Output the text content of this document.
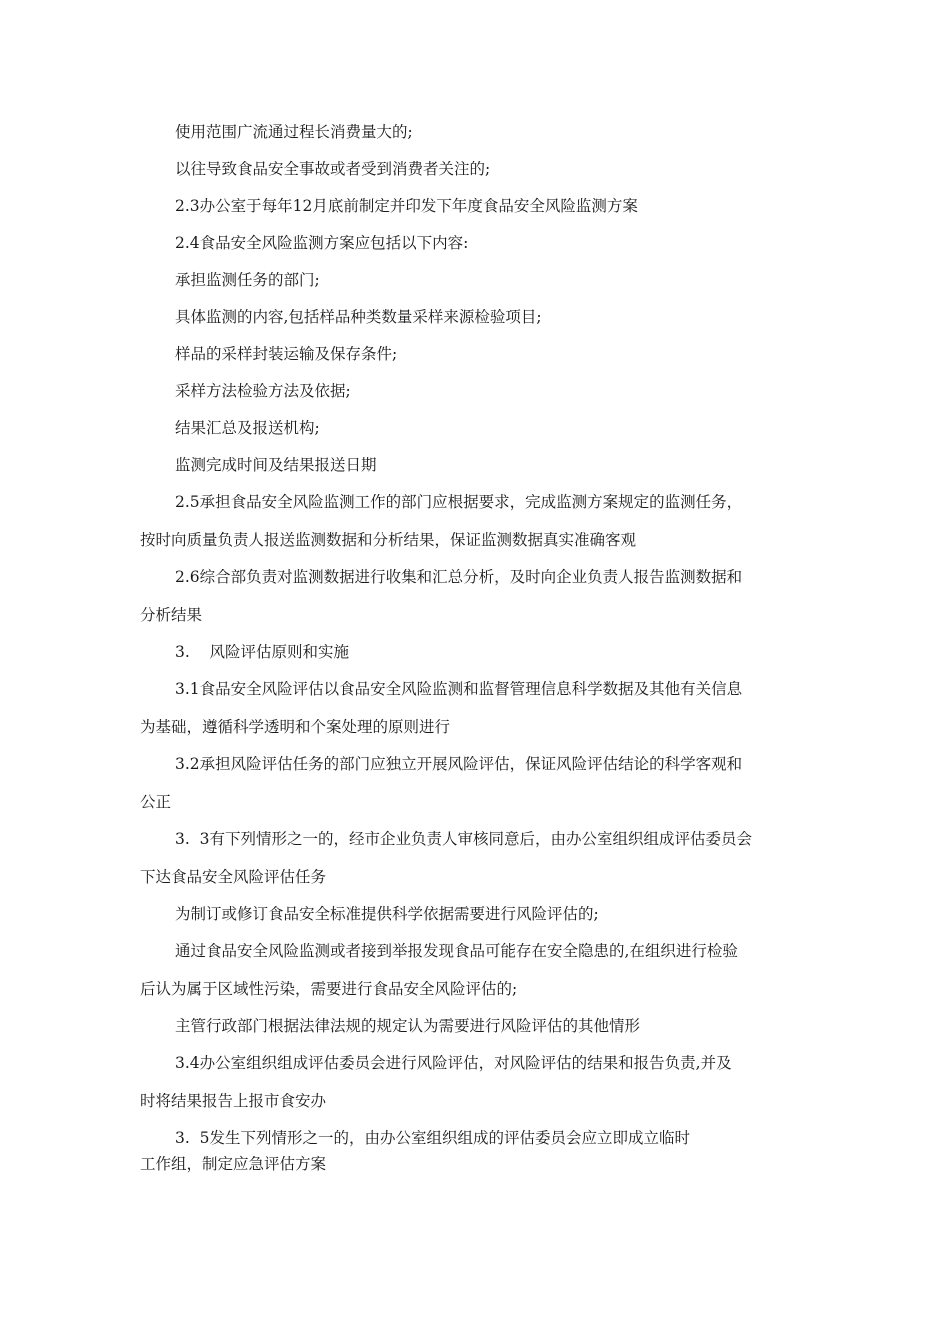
使用范围广流通过程长消费量大的;

以往导致食品安全事故或者受到消费者关注的;

2.3办公室于每年12月底前制定并印发下年度食品安全风险监测方案

2.4食品安全风险监测方案应包括以下内容:

承担监测任务的部门;

具体监测的内容,包括样品种类数量采样来源检验项目;

样品的采样封装运输及保存条件;

采样方法检验方法及依据;

结果汇总及报送机构;

监测完成时间及结果报送日期

2.5承担食品安全风险监测工作的部门应根据要求，完成监测方案规定的监测任务，
按时向质量负责人报送监测数据和分析结果，保证监测数据真实准确客观
2.6综合部负责对监测数据进行收集和汇总分析，及时向企业负责人报告监测数据和
分析结果

3.    风险评估原则和实施

3.1食品安全风险评估以食品安全风险监测和监督管理信息科学数据及其他有关信息
为基础，遵循科学透明和个案处理的原则进行
3.2承担风险评估任务的部门应独立开展风险评估，保证风险评估结论的科学客观和
公正
3.  3有下列情形之一的，经市企业负责人审核同意后，由办公室组织组成评估委员会
下达食品安全风险评估任务

为制订或修订食品安全标准提供科学依据需要进行风险评估的;

通过食品安全风险监测或者接到举报发现食品可能存在安全隐患的,在组织进行检验
后认为属于区域性污染，需要进行食品安全风险评估的;

主管行政部门根据法律法规的规定认为需要进行风险评估的其他情形

3.4办公室组织组成评估委员会进行风险评估，对风险评估的结果和报告负责,并及
时将结果报告上报市食安办
3.  5发生下列情形之一的，由办公室组织组成的评估委员会应立即成立临时
工作组，制定应急评估方案
